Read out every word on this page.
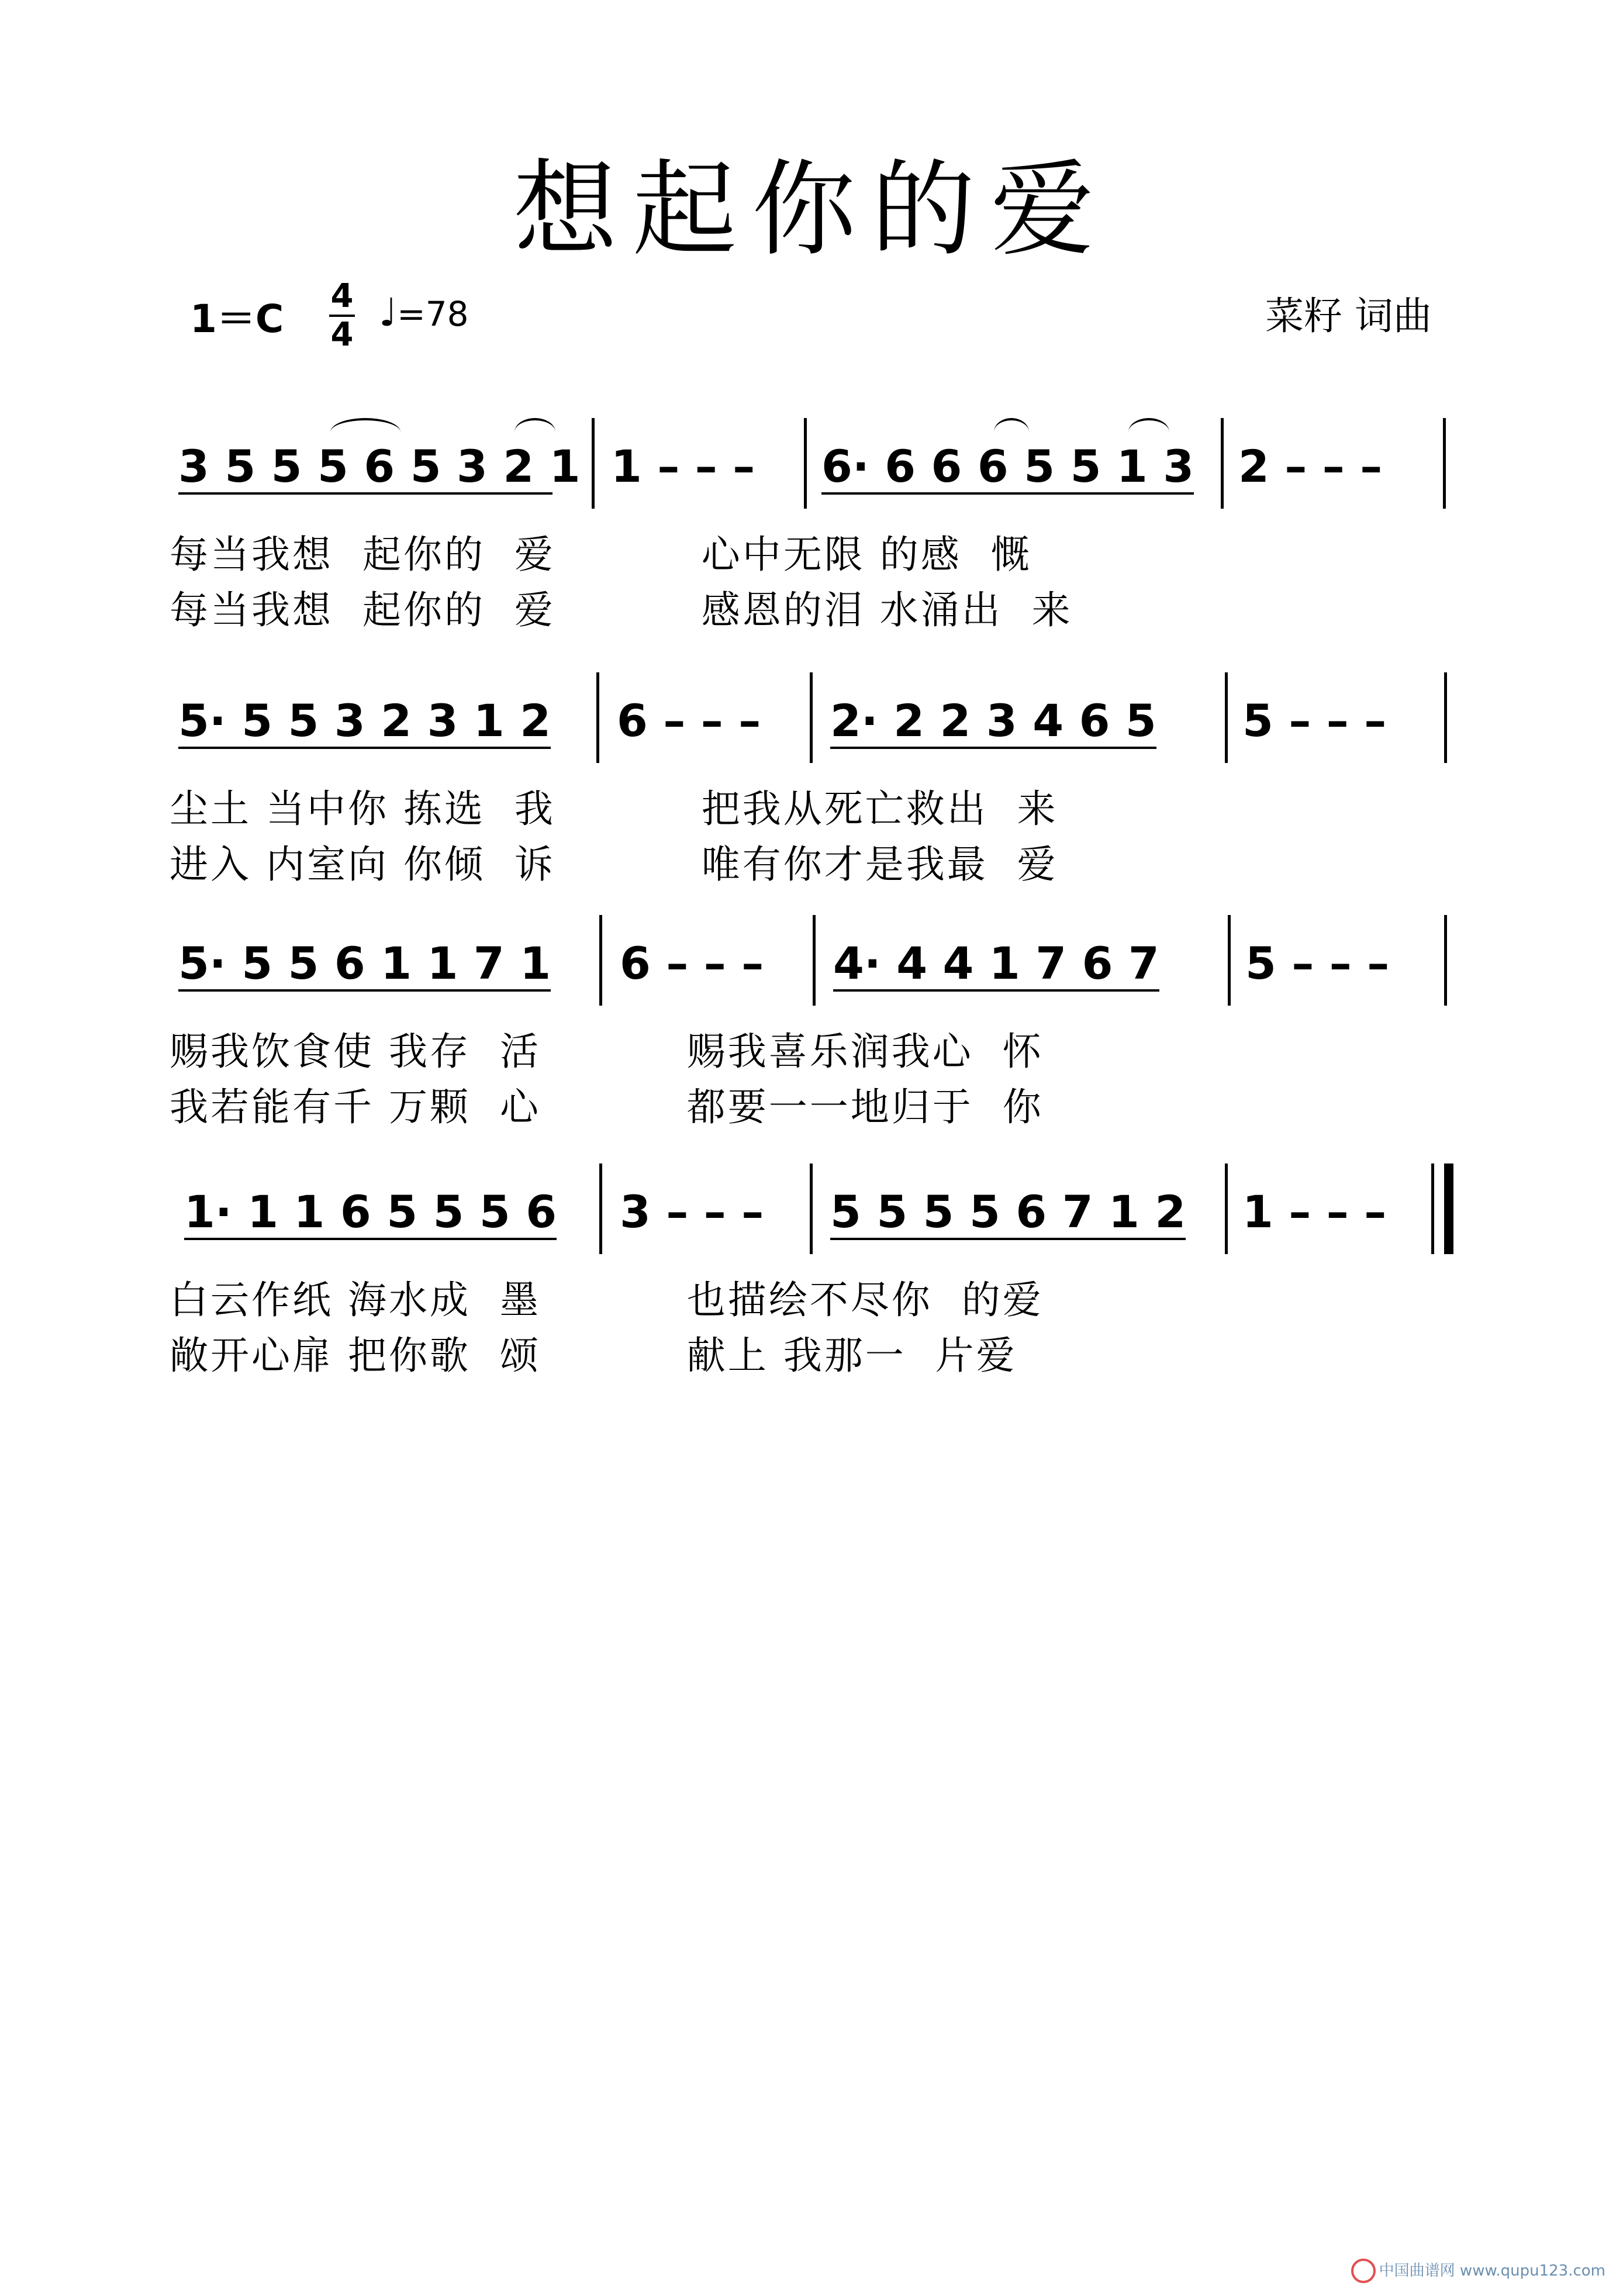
想起你的爱
1＝C
4
4 ♩=78	菜籽 词曲
3 5 5 5 6 5 3 2 1 1 – – – 6· 6 6 6 5 5 1 3 2 – – –
每当我想  起你的  爱          心中无限 的感  慨
每当我想  起你的  爱          感恩的泪 水涌出  来
5· 5 5 3 2 3 1 2 6 – – – 2· 2 2 3 4 6 5 5 – – –
尘土 当中你 拣选  我          把我从死亡救出  来
进入 内室向 你倾  诉          唯有你才是我最  爱
5· 5 5 6 1 1 7 1 6 – – – 4· 4 4 1 7 6 7 5 – – –
赐我饮食使 我存  活          赐我喜乐润我心  怀
我若能有千 万颗  心          都要一一地归于  你
1· 1 1 6 5 5 5 6 3 – – – 5 5 5 5 6 7 1 2 1 – – –
白云作纸 海水成  墨          也描绘不尽你  的爱
敞开心扉 把你歌  颂          献上 我那一  片爱
中国曲谱网 www.qupu123.com
